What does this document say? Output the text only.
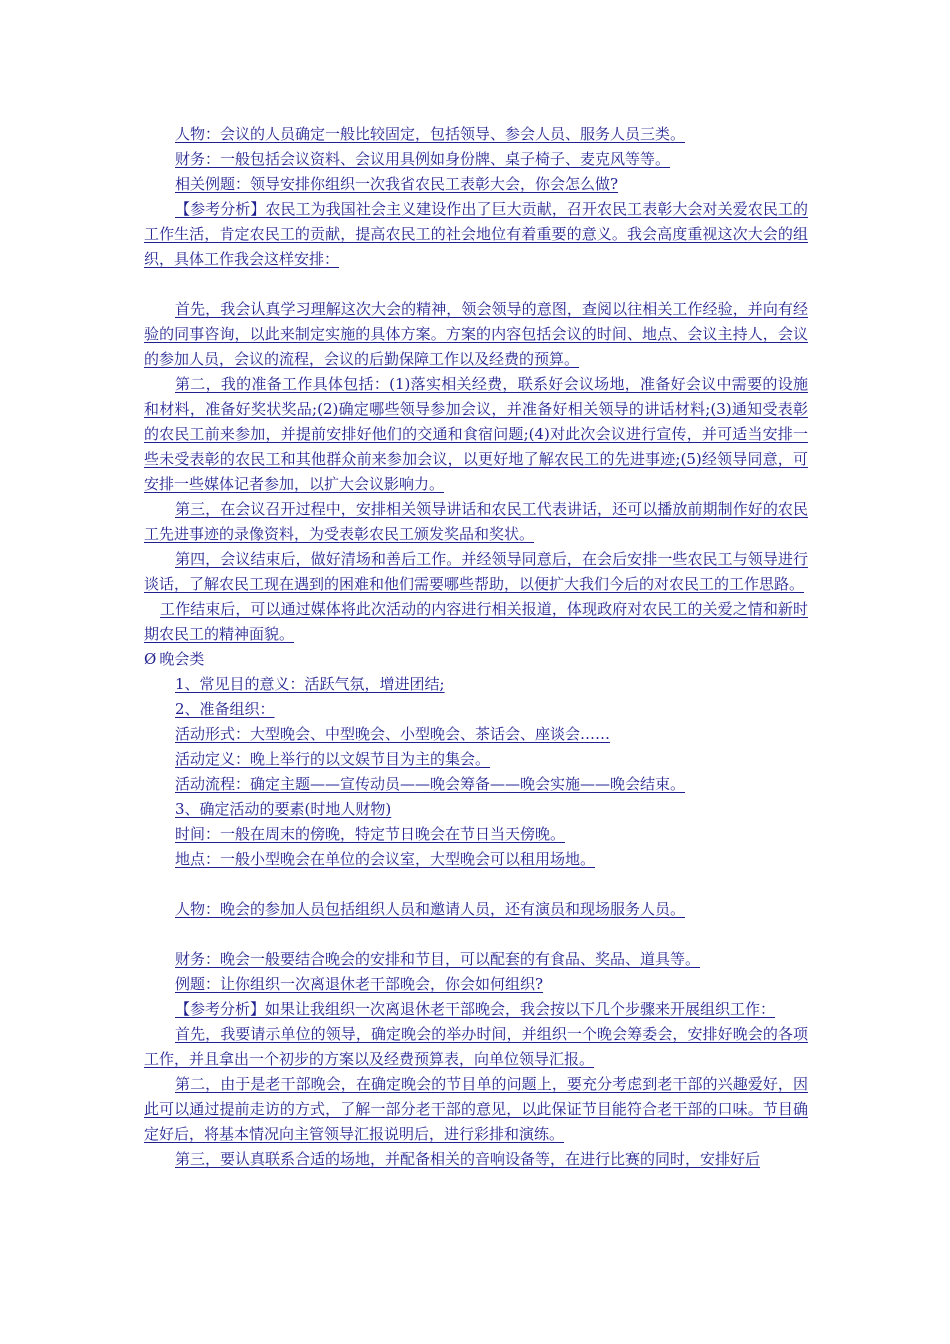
人物：会议的人员确定一般比较固定，包括领导、参会人员、服务人员三类。

财务：一般包括会议资料、会议用具例如身份牌、桌子椅子、麦克风等等。

相关例题：领导安排你组织一次我省农民工表彰大会，你会怎么做?

【参考分析】农民工为我国社会主义建设作出了巨大贡献，召开农民工表彰大会对关爱农民工的工作生活，肯定农民工的贡献，提高农民工的社会地位有着重要的意义。我会高度重视这次大会的组织，具体工作我会这样安排：

首先，我会认真学习理解这次大会的精神，领会领导的意图，查阅以往相关工作经验，并向有经验的同事咨询，以此来制定实施的具体方案。方案的内容包括会议的时间、地点、会议主持人，会议的参加人员，会议的流程，会议的后勤保障工作以及经费的预算。

第二，我的准备工作具体包括：(1)落实相关经费，联系好会议场地，准备好会议中需要的设施和材料，准备好奖状奖品;(2)确定哪些领导参加会议，并准备好相关领导的讲话材料;(3)通知受表彰的农民工前来参加，并提前安排好他们的交通和食宿问题;(4)对此次会议进行宣传，并可适当安排一些未受表彰的农民工和其他群众前来参加会议，以更好地了解农民工的先进事迹;(5)经领导同意，可安排一些媒体记者参加，以扩大会议影响力。

第三，在会议召开过程中，安排相关领导讲话和农民工代表讲话，还可以播放前期制作好的农民工先进事迹的录像资料，为受表彰农民工颁发奖品和奖状。

第四，会议结束后，做好清场和善后工作。并经领导同意后，在会后安排一些农民工与领导进行谈话，了解农民工现在遇到的困难和他们需要哪些帮助，以便扩大我们今后的对农民工的工作思路。

工作结束后，可以通过媒体将此次活动的内容进行相关报道，体现政府对农民工的关爱之情和新时期农民工的精神面貌。

Ø 晚会类

1、常见目的意义：活跃气氛，增进团结;

2、准备组织：

活动形式：大型晚会、中型晚会、小型晚会、茶话会、座谈会……

活动定义：晚上举行的以文娱节目为主的集会。

活动流程：确定主题——宣传动员——晚会筹备——晚会实施——晚会结束。

3、确定活动的要素(时地人财物)

时间：一般在周末的傍晚，特定节日晚会在节日当天傍晚。

地点：一般小型晚会在单位的会议室，大型晚会可以租用场地。

人物：晚会的参加人员包括组织人员和邀请人员，还有演员和现场服务人员。

财务：晚会一般要结合晚会的安排和节目，可以配套的有食品、奖品、道具等。

例题：让你组织一次离退休老干部晚会，你会如何组织?

【参考分析】如果让我组织一次离退休老干部晚会，我会按以下几个步骤来开展组织工作：

首先，我要请示单位的领导，确定晚会的举办时间，并组织一个晚会筹委会，安排好晚会的各项工作，并且拿出一个初步的方案以及经费预算表，向单位领导汇报。

第二，由于是老干部晚会，在确定晚会的节目单的问题上，要充分考虑到老干部的兴趣爱好，因此可以通过提前走访的方式，了解一部分老干部的意见，以此保证节目能符合老干部的口味。节目确定好后，将基本情况向主管领导汇报说明后，进行彩排和演练。

第三，要认真联系合适的场地，并配备相关的音响设备等，在进行比赛的同时，安排好后
